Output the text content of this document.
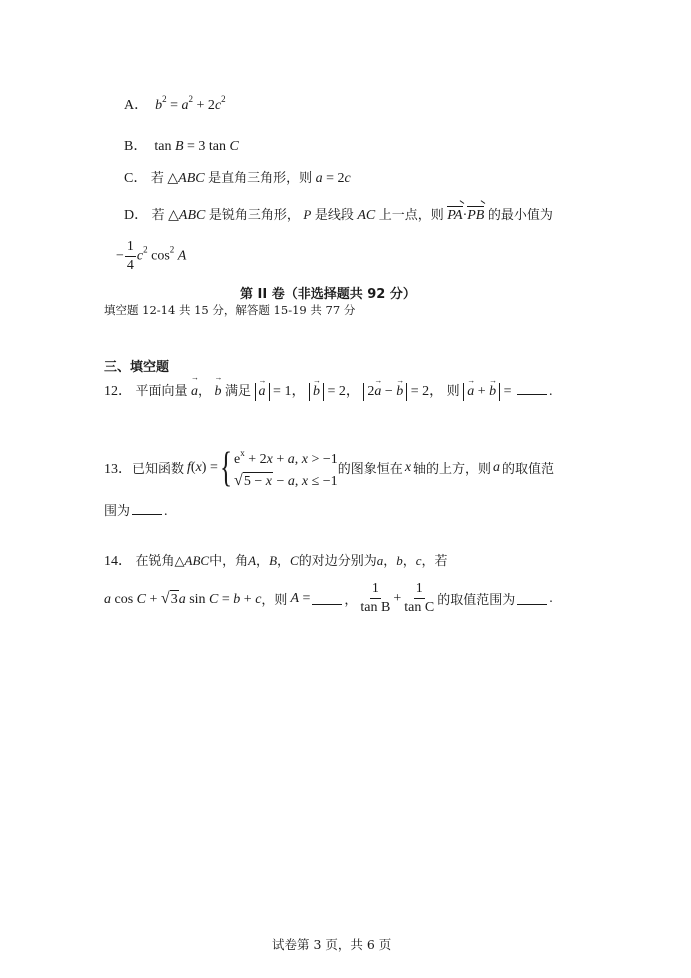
A．  $b^2 = a^2 + 2c^2$
B． tan B = 3 tan C
C． 若 △ABC 是直角三角形，则 a = 2c
D． 若 △ABC 是锐角三角形， P 是线段 AC 上一点，则 PA·PB 的最小值为
− $\frac{1}{4} c^2$ $\cos^2 A$
第 II 卷（非选择题共 92 分）
填空题 12-14 共 15 分，解答题 15-19 共 77 分
三、填空题
12． 平面向量 → a， → b 满足 → a = 1， → b = 2， 2→ a − → b = 2， 则 → a + → b = .
13． 已知函数 f(x) = { $e^x + 2x + a$, x > −1
√ 5 − x − a, x ≤ −1
的图象恒在 x 轴的上方，则 a 的取值范
围为 .
14． 在锐角△ABC中，角A，B，C的对边分别为a，b，c，若
a cos C + √ 3 a sin C = b + c ，则 A =	， $\frac{1}{\text{tan B}} + \frac{1}{\text{tan C}}$ 的取值范围为 .
试卷第 3 页，共 6 页
